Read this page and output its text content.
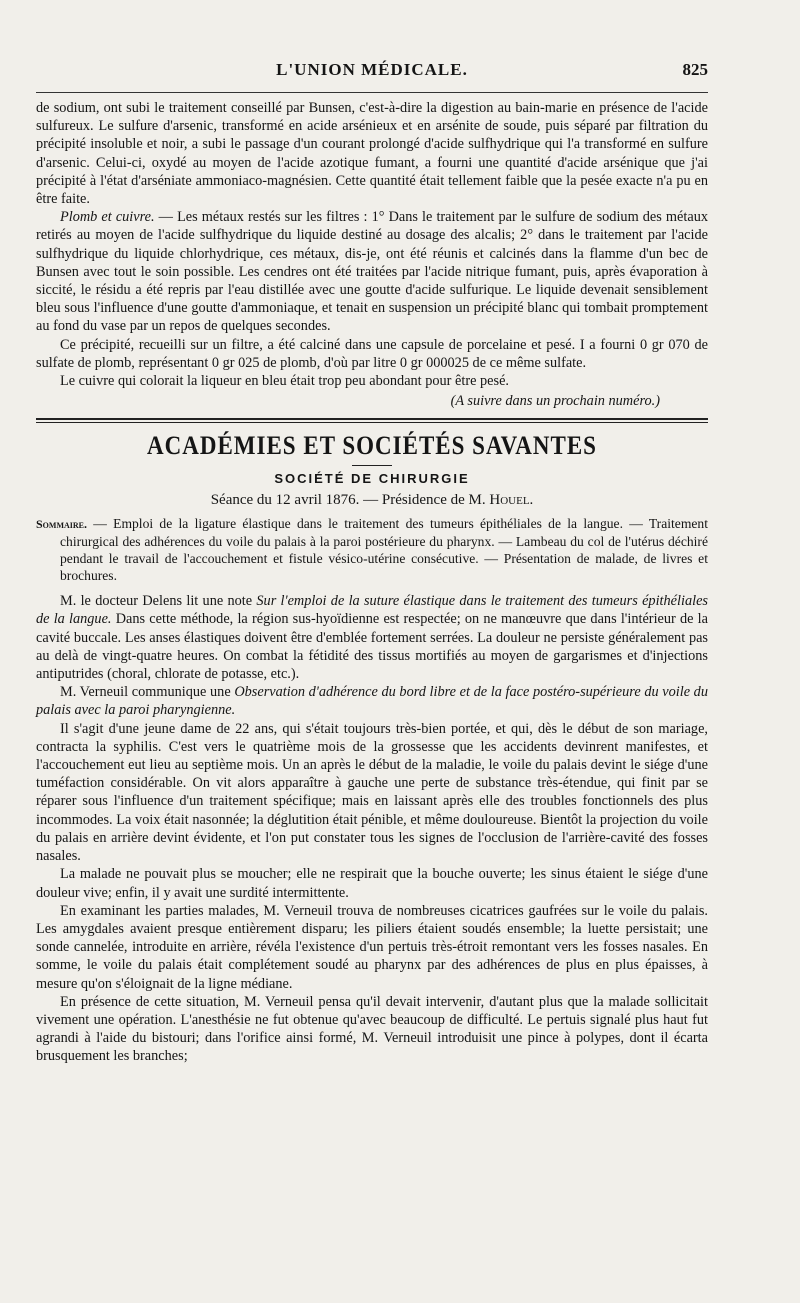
L'UNION MÉDICALE.	825

de sodium, ont subi le traitement conseillé par Bunsen, c'est-à-dire la digestion au bain-marie en présence de l'acide sulfureux. Le sulfure d'arsenic, transformé en acide arsénieux et en arsénite de soude, puis séparé par filtration du précipité insoluble et noir, a subi le passage d'un courant prolongé d'acide sulfhydrique qui l'a transformé en sulfure d'arsenic. Celui-ci, oxydé au moyen de l'acide azotique fumant, a fourni une quantité d'acide arsénique que j'ai précipité à l'état d'arséniate ammoniaco-magnésien. Cette quantité était tellement faible que la pesée exacte n'a pu en être faite.

Plomb et cuivre. — Les métaux restés sur les filtres : 1° Dans le traitement par le sulfure de sodium des métaux retirés au moyen de l'acide sulfhydrique du liquide destiné au dosage des alcalis; 2° dans le traitement par l'acide sulfhydrique du liquide chlorhydrique, ces métaux, dis-je, ont été réunis et calcinés dans la flamme d'un bec de Bunsen avec tout le soin possible. Les cendres ont été traitées par l'acide nitrique fumant, puis, après évaporation à siccité, le résidu a été repris par l'eau distillée avec une goutte d'acide sulfurique. Le liquide devenait sensiblement bleu sous l'influence d'une goutte d'ammoniaque, et tenait en suspension un précipité blanc qui tombait promptement au fond du vase par un repos de quelques secondes.

Ce précipité, recueilli sur un filtre, a été calciné dans une capsule de porcelaine et pesé. I a fourni 0 gr 070 de sulfate de plomb, représentant 0 gr 025 de plomb, d'où par litre 0 gr 000025 de ce même sulfate.

Le cuivre qui colorait la liqueur en bleu était trop peu abondant pour être pesé.

(A suivre dans un prochain numéro.)
ACADÉMIES ET SOCIÉTÉS SAVANTES
SOCIÉTÉ DE CHIRURGIE
Séance du 12 avril 1876. — Présidence de M. Houel.

Sommaire. — Emploi de la ligature élastique dans le traitement des tumeurs épithéliales de la langue. — Traitement chirurgical des adhérences du voile du palais à la paroi postérieure du pharynx. — Lambeau du col de l'utérus déchiré pendant le travail de l'accouchement et fistule vésico-utérine consécutive. — Présentation de malade, de livres et brochures.

M. le docteur Delens lit une note Sur l'emploi de la suture élastique dans le traitement des tumeurs épithéliales de la langue. Dans cette méthode, la région sus-hyoïdienne est respectée; on ne manœuvre que dans l'intérieur de la cavité buccale. Les anses élastiques doivent être d'emblée fortement serrées. La douleur ne persiste généralement pas au delà de vingt-quatre heures. On combat la fétidité des tissus mortifiés au moyen de gargarismes et d'injections antiputrides (choral, chlorate de potasse, etc.).

M. Verneuil communique une Observation d'adhérence du bord libre et de la face postéro-supérieure du voile du palais avec la paroi pharyngienne.

Il s'agit d'une jeune dame de 22 ans, qui s'était toujours très-bien portée, et qui, dès le début de son mariage, contracta la syphilis. C'est vers le quatrième mois de la grossesse que les accidents devinrent manifestes, et l'accouchement eut lieu au septième mois. Un an après le début de la maladie, le voile du palais devint le siége d'une tuméfaction considérable. On vit alors apparaître à gauche une perte de substance très-étendue, qui finit par se réparer sous l'influence d'un traitement spécifique; mais en laissant après elle des troubles fonctionnels des plus incommodes. La voix était nasonnée; la déglutition était pénible, et même douloureuse. Bientôt la projection du voile du palais en arrière devint évidente, et l'on put constater tous les signes de l'occlusion de l'arrière-cavité des fosses nasales.

La malade ne pouvait plus se moucher; elle ne respirait que la bouche ouverte; les sinus étaient le siége d'une douleur vive; enfin, il y avait une surdité intermittente.

En examinant les parties malades, M. Verneuil trouva de nombreuses cicatrices gaufrées sur le voile du palais. Les amygdales avaient presque entièrement disparu; les piliers étaient soudés ensemble; la luette persistait; une sonde cannelée, introduite en arrière, révéla l'existence d'un pertuis très-étroit remontant vers les fosses nasales. En somme, le voile du palais était complétement soudé au pharynx par des adhérences de plus en plus épaisses, à mesure qu'on s'éloignait de la ligne médiane.

En présence de cette situation, M. Verneuil pensa qu'il devait intervenir, d'autant plus que la malade sollicitait vivement une opération. L'anesthésie ne fut obtenue qu'avec beaucoup de difficulté. Le pertuis signalé plus haut fut agrandi à l'aide du bistouri; dans l'orifice ainsi formé, M. Verneuil introduisit une pince à polypes, dont il écarta brusquement les branches;
